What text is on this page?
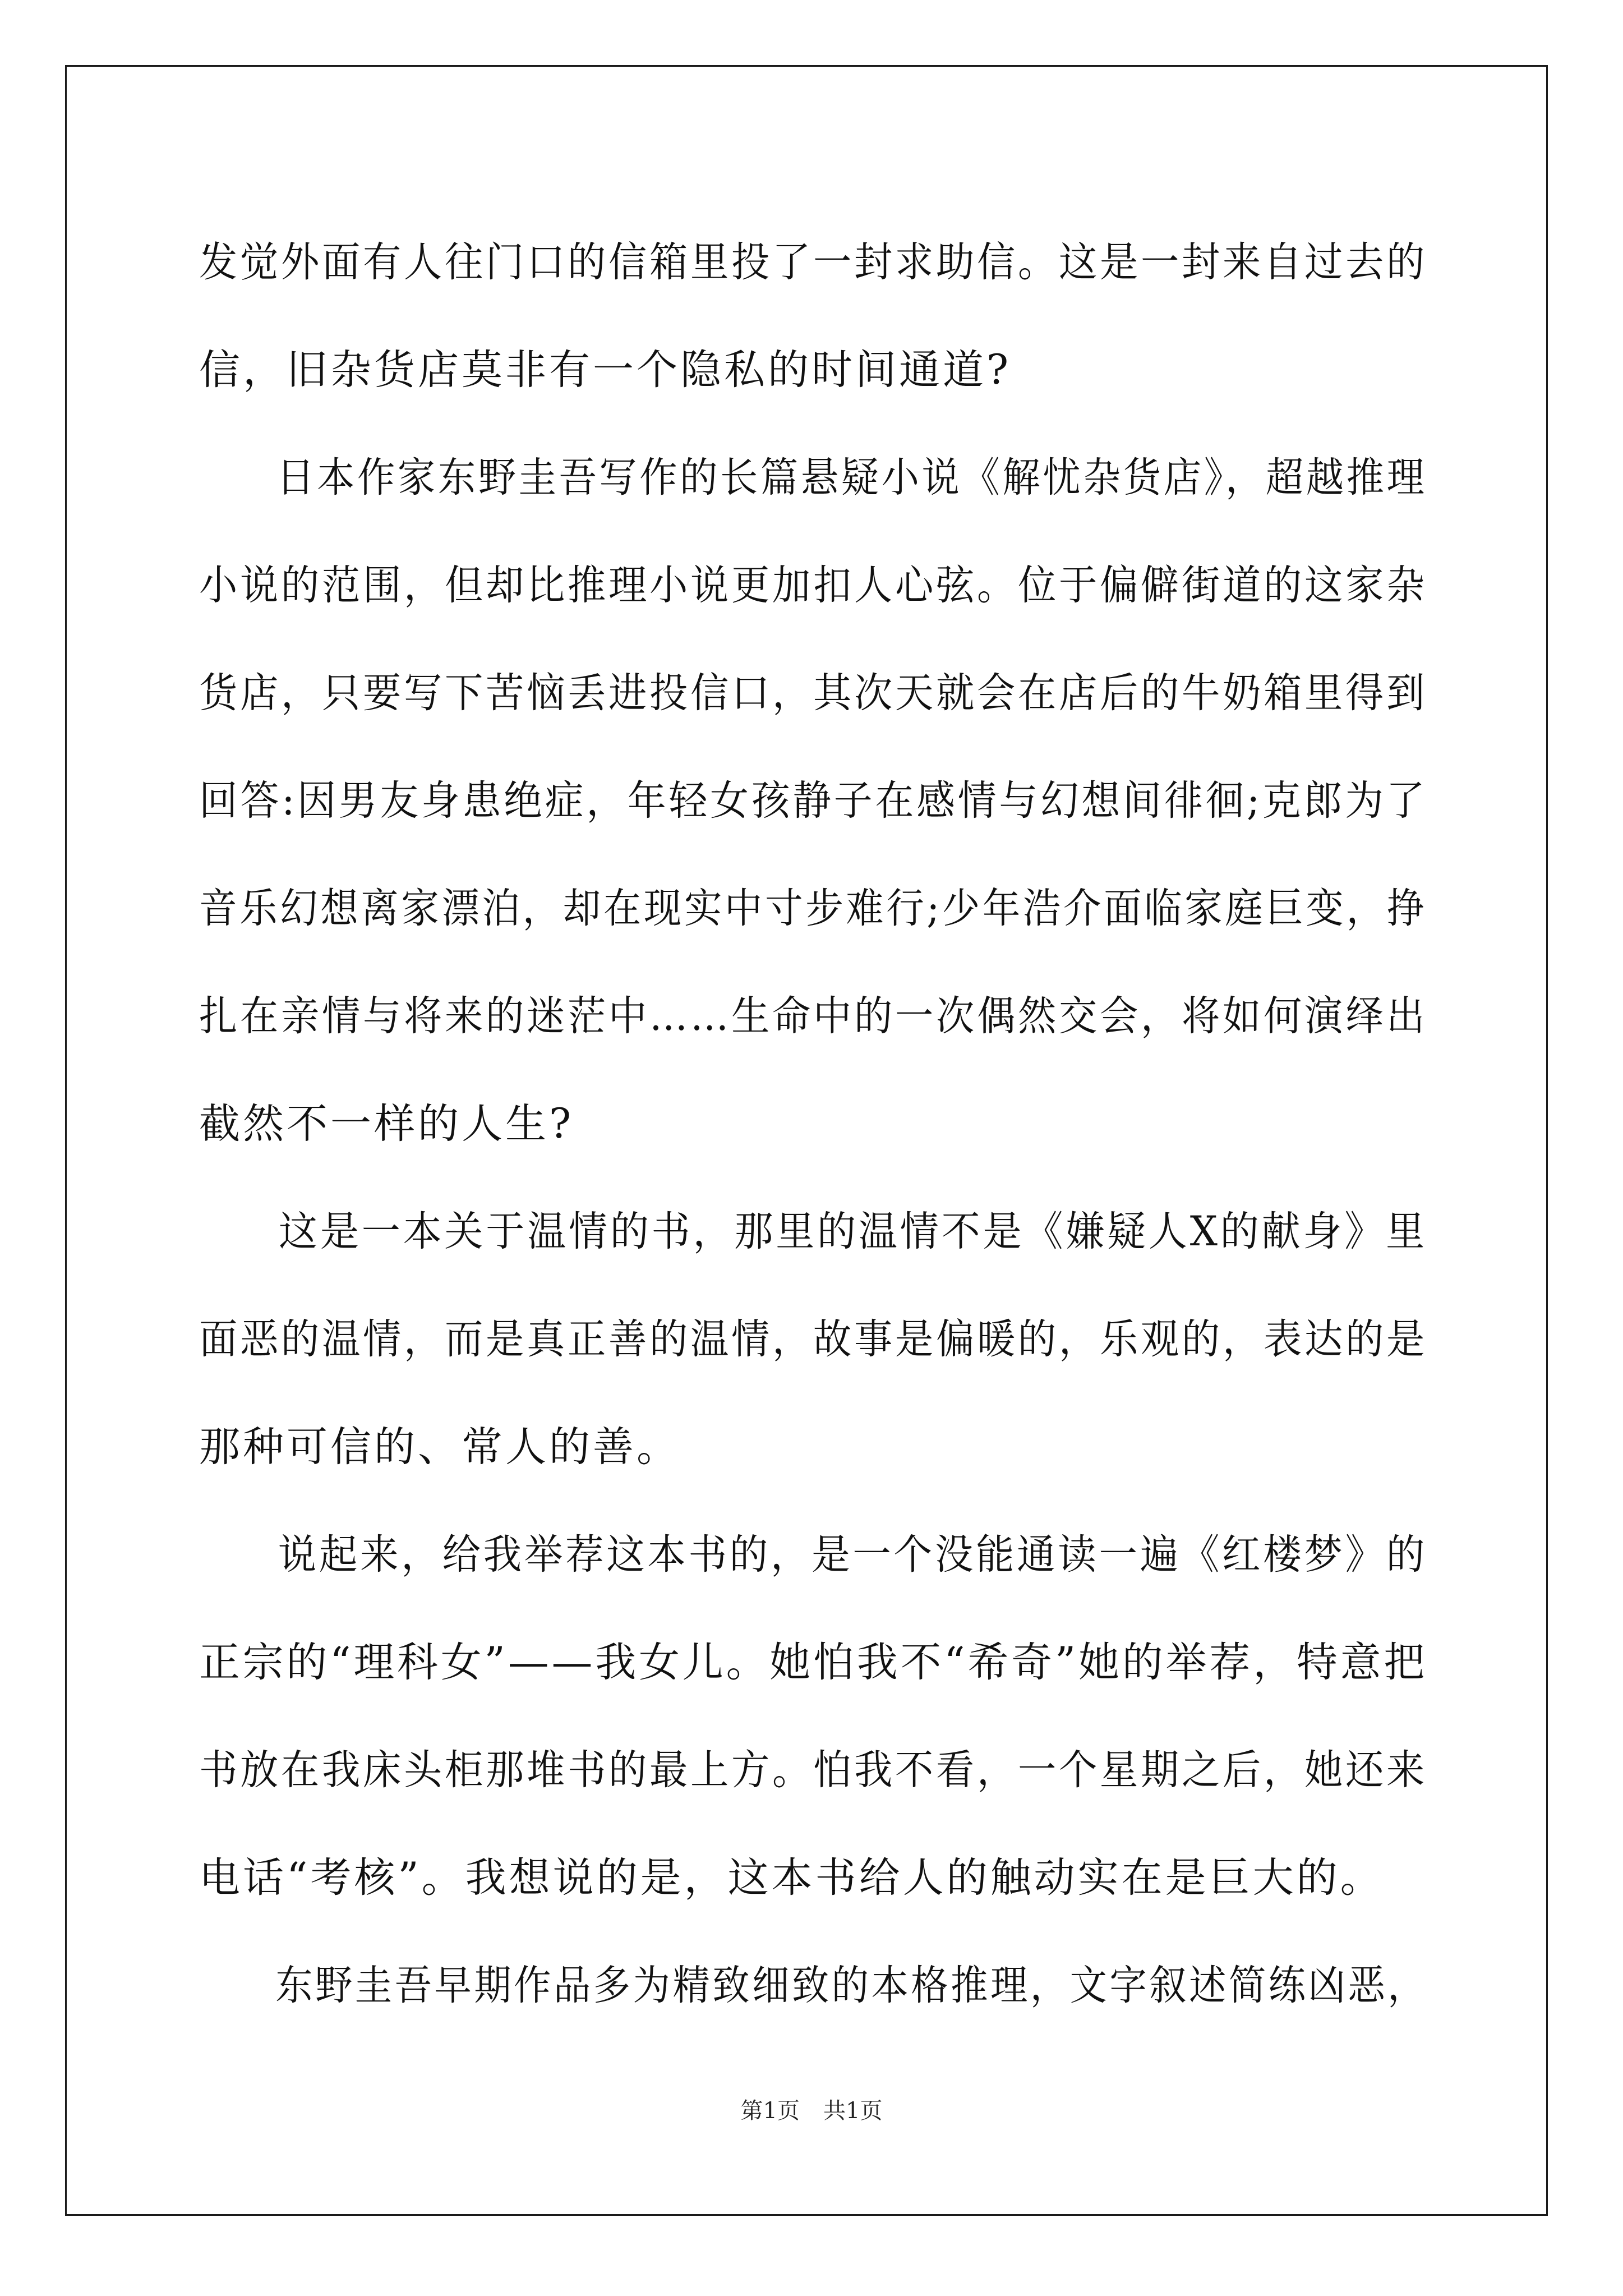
发觉外面有人往门口的信箱里投了一封求助信。这是一封来自过去的
信，旧杂货店莫非有一个隐私的时间通道?
日本作家东野圭吾写作的长篇悬疑小说《解忧杂货店》，超越推理
小说的范围，但却比推理小说更加扣人心弦。位于偏僻街道的这家杂
货店，只要写下苦恼丢进投信口，其次天就会在店后的牛奶箱里得到
回答:因男友身患绝症，年轻女孩静子在感情与幻想间徘徊;克郎为了
音乐幻想离家漂泊，却在现实中寸步难行;少年浩介面临家庭巨变，挣
扎在亲情与将来的迷茫中……生命中的一次偶然交会，将如何演绎出
截然不一样的人生?
这是一本关于温情的书，那里的温情不是《嫌疑人X的献身》里
面恶的温情，而是真正善的温情，故事是偏暖的，乐观的，表达的是
那种可信的、常人的善。
说起来，给我举荐这本书的，是一个没能通读一遍《红楼梦》的
正宗的“理科女”——我女儿。她怕我不“希奇”她的举荐，特意把
书放在我床头柜那堆书的最上方。怕我不看，一个星期之后，她还来
电话“考核”。我想说的是，这本书给人的触动实在是巨大的。
东野圭吾早期作品多为精致细致的本格推理，文字叙述简练凶恶，
第1页 共1页
